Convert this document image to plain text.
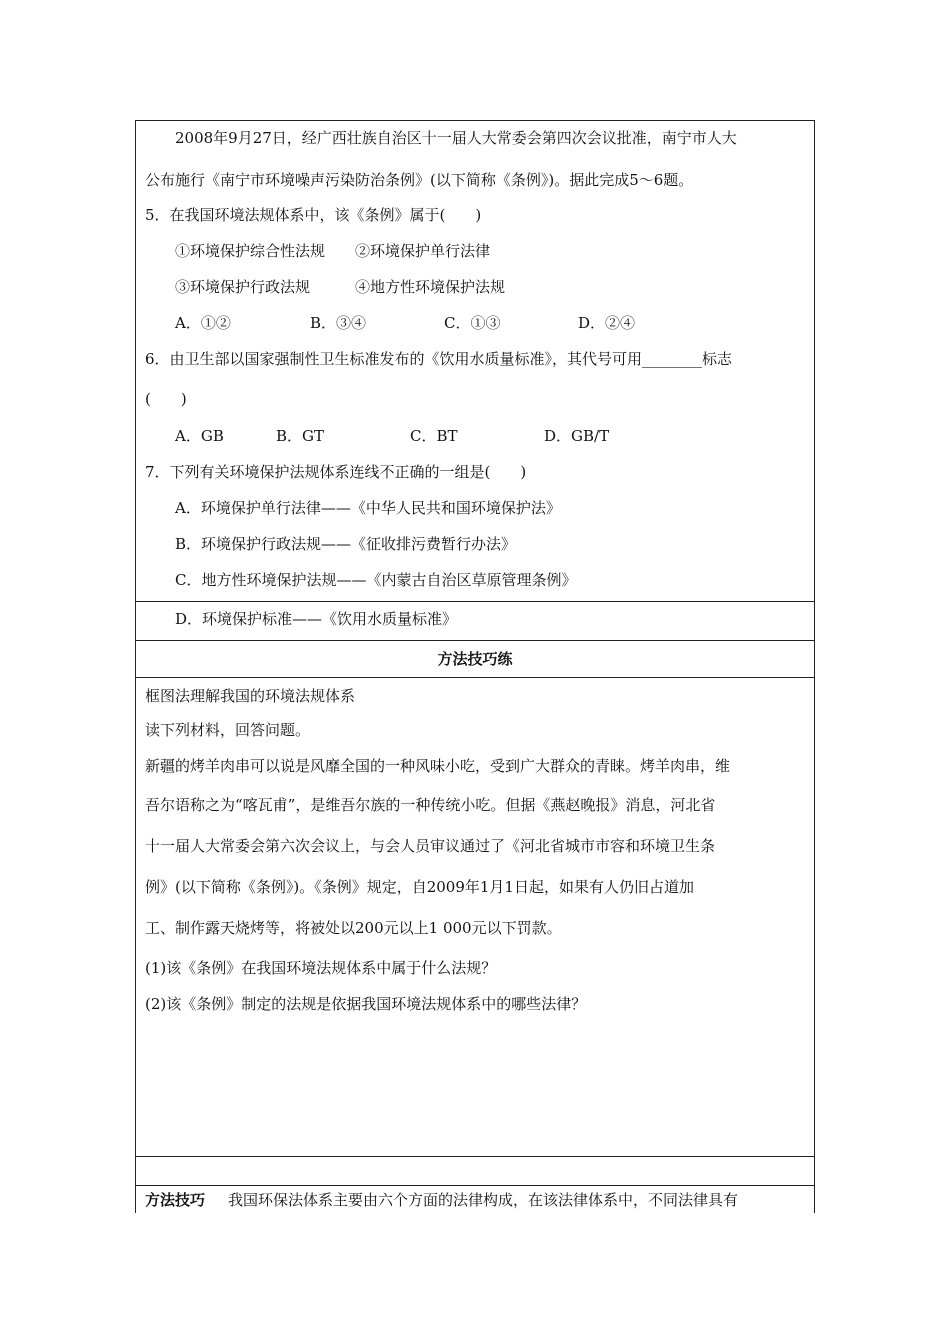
2008年9月27日，经广西壮族自治区十一届人大常委会第四次会议批准，南宁市人大
公布施行《南宁市环境噪声污染防治条例》(以下简称《条例》)。据此完成5～6题。
5．在我国环境法规体系中，该《条例》属于(　　)
①环境保护综合性法规　　②环境保护单行法律
③环境保护行政法规　　　④地方性环境保护法规
A．①②	B．③④	C．①③	D．②④
6．由卫生部以国家强制性卫生标准发布的《饮用水质量标准》，其代号可用________标志
(　　)
A．GB	B．GT	C．BT	D．GB/T
7．下列有关环境保护法规体系连线不正确的一组是(　　)
A．环境保护单行法律——《中华人民共和国环境保护法》
B．环境保护行政法规——《征收排污费暂行办法》
C．地方性环境保护法规——《内蒙古自治区草原管理条例》
D．环境保护标准——《饮用水质量标准》
方法技巧练
框图法理解我国的环境法规体系
读下列材料，回答问题。
新疆的烤羊肉串可以说是风靡全国的一种风味小吃，受到广大群众的青睐。烤羊肉串，维
吾尔语称之为“喀瓦甫”，是维吾尔族的一种传统小吃。但据《燕赵晚报》消息，河北省
十一届人大常委会第六次会议上，与会人员审议通过了《河北省城市市容和环境卫生条
例》(以下简称《条例》)。《条例》规定，自2009年1月1日起，如果有人仍旧占道加
工、制作露天烧烤等，将被处以200元以上1 000元以下罚款。
(1)该《条例》在我国环境法规体系中属于什么法规？
(2)该《条例》制定的法规是依据我国环境法规体系中的哪些法律？
方法技巧 我国环保法体系主要由六个方面的法律构成，在该法律体系中，不同法律具有
